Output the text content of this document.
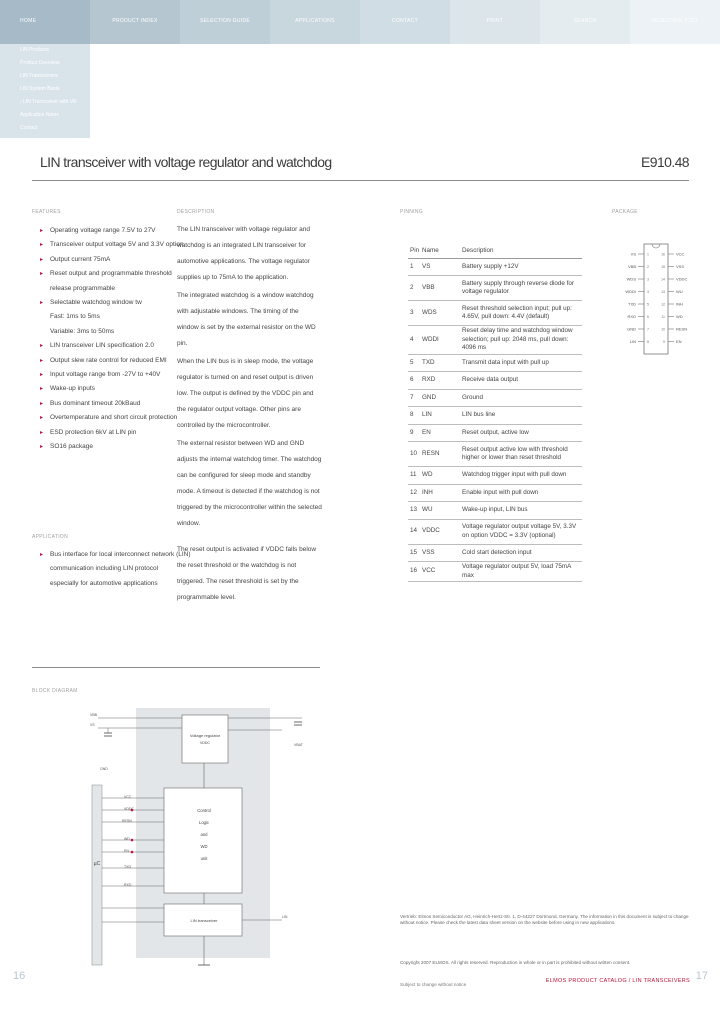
HOME	PRODUCT INDEX	SELECTION GUIDE	APPLICATIONS	CONTACT	PRINT	SEARCH	SELECTION TOOL
LIN Products
Product Overview
LIN Transceivers
LIN System Basis
› LIN Transceiver with VR
Application Notes
Contact
LIN transceiver with voltage regulator and watchdog	E910.48
FEATURES	DESCRIPTION	PINNING	PACKAGE
APPLICATION
BLOCK DIAGRAM
▸ Operating voltage range 7.5V to 27V
▸ Transceiver output voltage 5V and 3.3V option
▸ Output current 75mA
▸ Reset output and programmable threshold
release programmable
▸ Selectable watchdog window tw
Fast: 1ms to 5ms
Variable: 3ms to 50ms
▸ LIN transceiver LIN specification 2.0
▸ Output slew rate control for reduced EMI
▸ Input voltage range from -27V to +40V
▸ Wake-up inputs
▸ Bus dominant timeout 20kBaud
▸ Overtemperature and short circuit protection
▸ ESD protection 6kV at LIN pin
▸ SO16 package
▸ Bus interface for local interconnect network (LIN)
communication including LIN protocol
especially for automotive applications

The LIN transceiver with voltage regulator and watchdog is an integrated LIN transceiver for automotive applications. The voltage regulator supplies up to 75mA to the application.

The integrated watchdog is a window watchdog with adjustable windows. The timing of the window is set by the external resistor on the WD pin.

When the LIN bus is in sleep mode, the voltage regulator is turned on and reset output is driven low. The output is defined by the VDDC pin and the regulator output voltage. Other pins are controlled by the microcontroller.

The external resistor between WD and GND adjusts the internal watchdog timer. The watchdog can be configured for sleep mode and standby mode. A timeout is detected if the watchdog is not triggered by the microcontroller within the selected window.

The reset output is activated if VDDC falls below the reset threshold or the watchdog is not triggered. The reset threshold is set by the programmable level.

Pin	Name	Description
1	VS	Battery supply +12V
2	VBB	Battery supply through reverse diode for voltage regulator
3	WDS	Reset threshold selection input; pull up: 4.65V, pull down: 4.4V (default)
4	WDDI	Reset delay time and watchdog window selection; pull up: 2048 ms, pull down: 4096 ms
5	TXD	Transmit data input with pull up
6	RXD	Receive data output
7	GND	Ground
8	LIN	LIN bus line
9	EN	Reset output, active low
10	RESN	Reset output active low with threshold higher or lower than reset threshold
11	WD	Watchdog trigger input with pull down
12	INH	Enable input with pull down
13	WU	Wake-up input, LIN bus
14	VDDC	Voltage regulator output voltage 5V, 3.3V on option VDDC = 3.3V (optional)
15	VSS	Cold start detection input
16	VCC	Voltage regulator output 5V, load 75mA max
VS	1
VBB	2
WDS	3
WDDI	4
TXD	5
RXD	6
GND	7
LIN	8
VCC
16
VSS
15
VDDC
14
WU
13
INH
12
WD
11
RESN
10
EN
9
Voltage regulator
VDDC
Control
Logic
and
WD
unit
LIN transceiver
µC
VBB
VS
GND
VCC
VDDC
RESN
WD
EN
TXD
RXD
LIN
VBAT
Vertrieb: Elmos Semiconductor AG, Heinrich-Hertz-Str. 1, D-44227 Dortmund, Germany. The information in this document is subject to change without notice. Please check the latest data sheet version on the website before using in new applications.
Copyright 2007 ELMOS. All rights reserved. Reproduction in whole or in part is prohibited without written consent.
Subject to change without notice
16	17
ELMOS PRODUCT CATALOG / LIN TRANSCEIVERS
